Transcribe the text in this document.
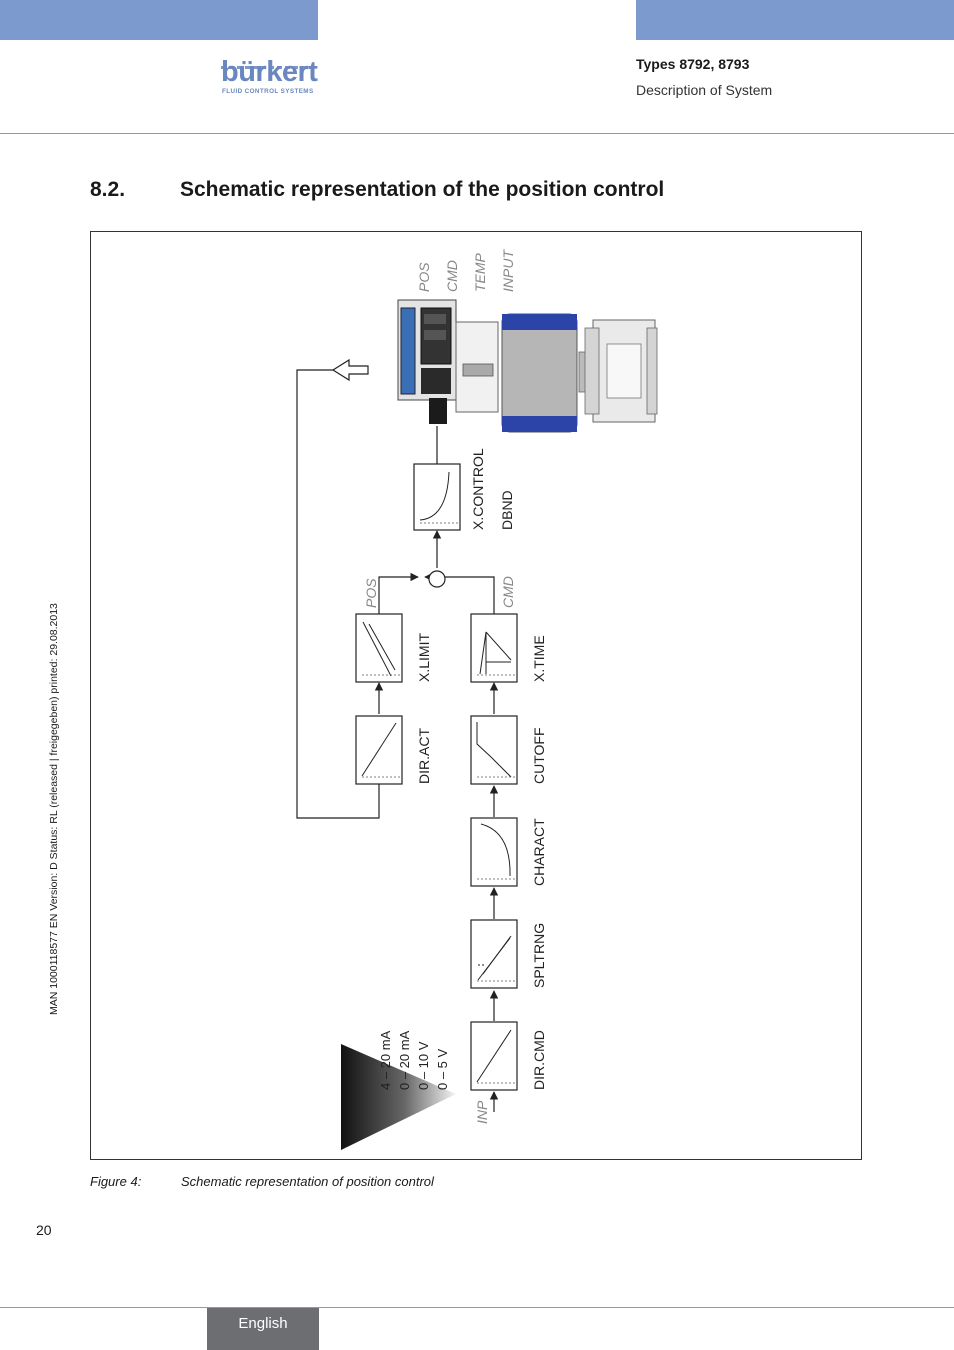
bürkert
FLUID CONTROL SYSTEMS
Types 8792, 8793
Description of System
8.2.	Schematic representation of the position control
4 – 20 mA 0 – 20 mA 0 – 10 V 0 – 5 V	DIR.CMD
SPLTRNG
CHARACT
CUTOFF
X.TIME
DIR.ACT
X.LIMIT
X.CONTROL DBND
INP
CMD
POS
POS CMD TEMP INPUT
MAN 1000118577 EN Version: D Status: RL (released | freigegeben) printed: 29.08.2013
Figure 4:	Schematic representation of position control
20
English
